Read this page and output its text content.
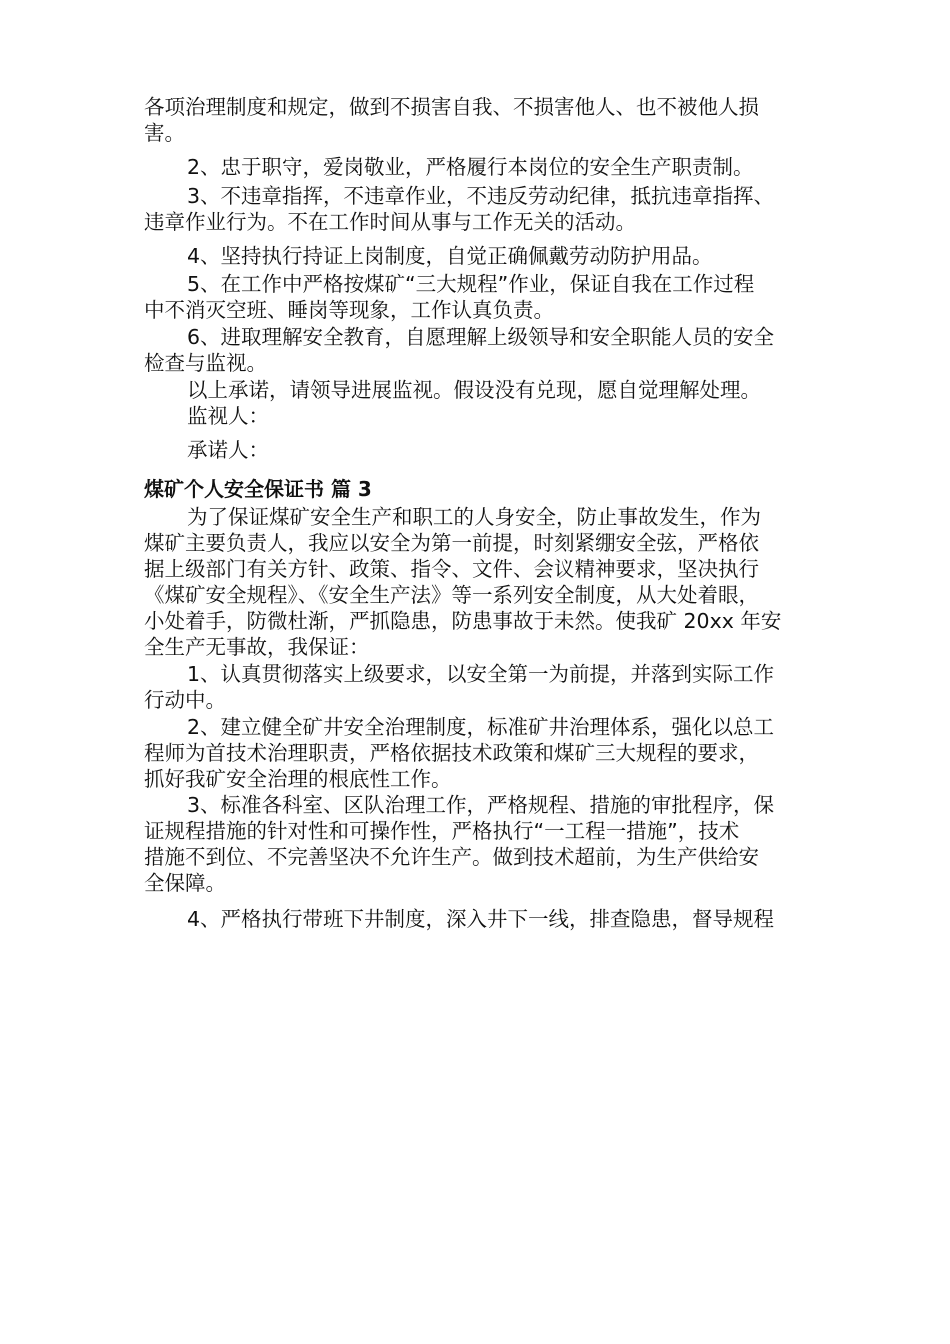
各项治理制度和规定，做到不损害自我、不损害他人、也不被他人损
害。
2、忠于职守，爱岗敬业，严格履行本岗位的安全生产职责制。
3、不违章指挥，不违章作业，不违反劳动纪律，抵抗违章指挥、
违章作业行为。不在工作时间从事与工作无关的活动。
4、坚持执行持证上岗制度，自觉正确佩戴劳动防护用品。
5、在工作中严格按煤矿“三大规程”作业，保证自我在工作过程
中不消灭空班、睡岗等现象，工作认真负责。
6、进取理解安全教育，自愿理解上级领导和安全职能人员的安全
检查与监视。
以上承诺，请领导进展监视。假设没有兑现，愿自觉理解处理。
监视人：
承诺人：
煤矿个人安全保证书 篇 3
为了保证煤矿安全生产和职工的人身安全，防止事故发生，作为
煤矿主要负责人，我应以安全为第一前提，时刻紧绷安全弦，严格依
据上级部门有关方针、政策、指令、文件、会议精神要求，坚决执行
《煤矿安全规程》、《安全生产法》等一系列安全制度，从大处着眼，
小处着手，防微杜渐，严抓隐患，防患事故于未然。使我矿 20xx 年安
全生产无事故，我保证：
1、认真贯彻落实上级要求，以安全第一为前提，并落到实际工作
行动中。
2、建立健全矿井安全治理制度，标准矿井治理体系，强化以总工
程师为首技术治理职责，严格依据技术政策和煤矿三大规程的要求，
抓好我矿安全治理的根底性工作。
3、标准各科室、区队治理工作，严格规程、措施的审批程序，保
证规程措施的针对性和可操作性，严格执行“一工程一措施”，技术
措施不到位、不完善坚决不允许生产。做到技术超前，为生产供给安
全保障。
4、严格执行带班下井制度，深入井下一线，排查隐患，督导规程
